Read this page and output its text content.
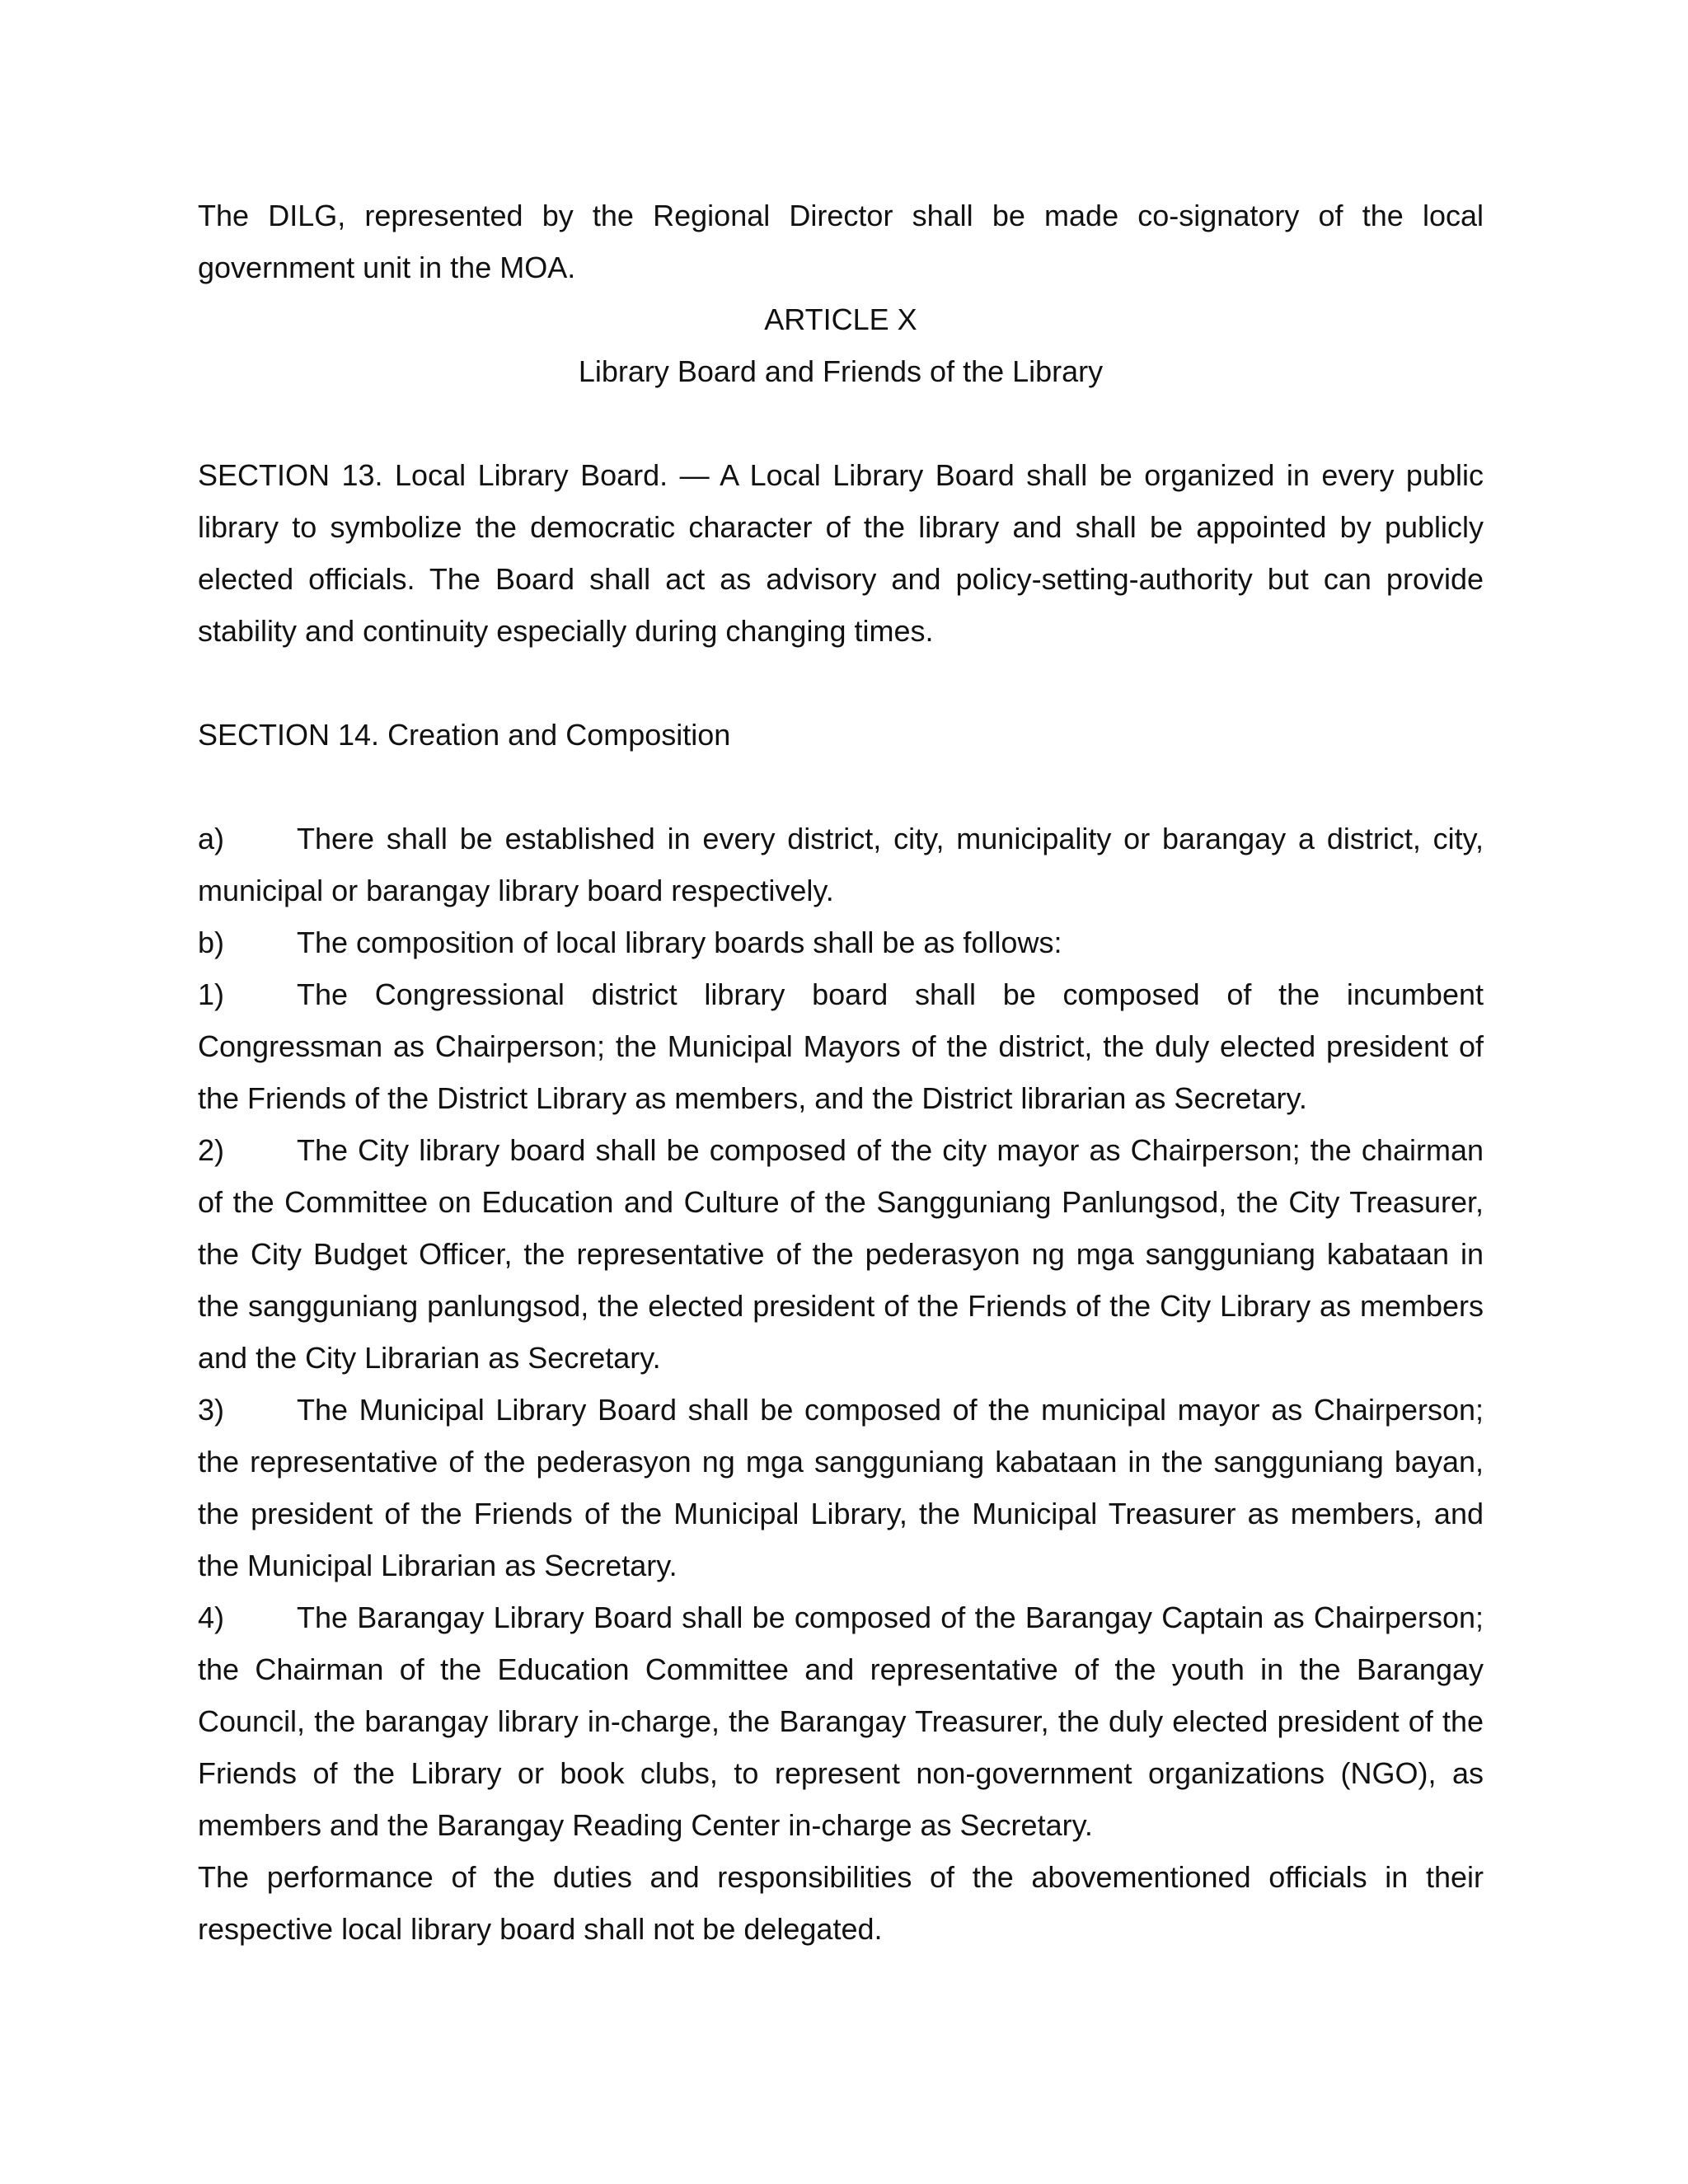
The DILG, represented by the Regional Director shall be made co-signatory of the local government unit in the MOA.

ARTICLE X

Library Board and Friends of the Library

SECTION 13. Local Library Board. — A Local Library Board shall be organized in every public library to symbolize the democratic character of the library and shall be appointed by publicly elected officials. The Board shall act as advisory and policy-setting-authority but can provide stability and continuity especially during changing times.

SECTION 14. Creation and Composition

a) There shall be established in every district, city, municipality or barangay a district, city, municipal or barangay library board respectively.

b) The composition of local library boards shall be as follows:

1) The Congressional district library board shall be composed of the incumbent Congressman as Chairperson; the Municipal Mayors of the district, the duly elected president of the Friends of the District Library as members, and the District librarian as Secretary.

2) The City library board shall be composed of the city mayor as Chairperson; the chairman of the Committee on Education and Culture of the Sangguniang Panlungsod, the City Treasurer, the City Budget Officer, the representative of the pederasyon ng mga sangguniang kabataan in the sangguniang panlungsod, the elected president of the Friends of the City Library as members and the City Librarian as Secretary.

3) The Municipal Library Board shall be composed of the municipal mayor as Chairperson; the representative of the pederasyon ng mga sangguniang kabataan in the sangguniang bayan, the president of the Friends of the Municipal Library, the Municipal Treasurer as members, and the Municipal Librarian as Secretary.

4) The Barangay Library Board shall be composed of the Barangay Captain as Chairperson; the Chairman of the Education Committee and representative of the youth in the Barangay Council, the barangay library in-charge, the Barangay Treasurer, the duly elected president of the Friends of the Library or book clubs, to represent non-government organizations (NGO), as members and the Barangay Reading Center in-charge as Secretary.

The performance of the duties and responsibilities of the abovementioned officials in their respective local library board shall not be delegated.
